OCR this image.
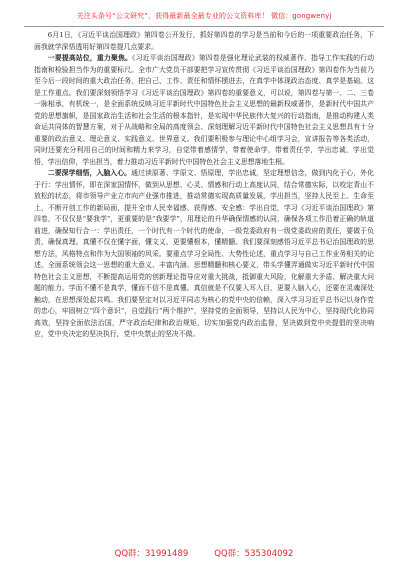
关注头条号“公文研究”，获得最新最全最专业的公文资料库！ 微信：gongwenyj

6月1日，《习近平谈治国理政》第四卷公开发行，抓好第四卷的学习是当前和今后的一项重要政治任务，下面我就学深悟透用好第四卷提几点要求。

一要提高站位，重力聚焦。《习近平谈治国理政》第四卷是强化理论武装的权威著作、指导工作实践的行动指南和检验担当作为的重要标尺。全市广大党员干部要把学习宣传贯彻《习近平谈治国理政》第四卷作为当前乃至今后一段时间的重大政治任务，把自己、工作、责任和情怀摆进去，在真学中体现政治态度、真学是基础。这是工作重点。我们要深刻领悟学习《习近平谈治国理政》第四卷的重要意义，可以说，第四卷与第一、二、三卷一脉相承，有机统一，是全面系统反映习近平新时代中国特色社会主义思想的最新权威著作，是新时代中国共产党的思想旗帜，是国家政治生活和社会生活的根本指针，是实现中华民族伟大复兴的行动指南，是推动构建人类命运共同体的智慧方案，对于从战略和全局的高度领会、深刻理解习近平新时代中国特色社会主义思想具有十分重要的政治意义、理论意义、实践意义、世界意义。我们要积极参与理论中心组学习会，宣讲报告等各类活动，同时还要充分利用自己的时间和精力来学习，自觉带着感情学，带着使命学，带着责任学，学出忠诚，学出觉悟，学出信仰，学出担当，着力推动习近平新时代中国特色社会主义思想落地生根。

二要深学细悟，入脑入心。通过读原著、学原文、悟原理，学出忠诚，坚定理想信念，做到内化于心，外化于行：学出情怀，即在深家国情怀，做到从思想、心灵、情感和行动上高度认同，结合常德实际，以咬定青山不放松的状态，将市领导产业立市向产业强市推进，推动常德实现高质量发展，学出担当，坚持人民至上、生命至上，不断开创工作的新局面，提升全市人民幸福感、获得感、安全感：学出自觉，学习《习近平谈治国理政》第四卷，不仅仅是“要我学”，更重要的是“我要学”，用理论的升华确保情感的认同，确保各项工作沿着正确的轨道前进，确保知行合一：学出责任，一个时代有一个时代的使命，一级党委政府有一级党委政府的责任，要做于负责，确保真理。真懂不仅在懂字面，懂文义，更要懂根本，懂精髓。我们要深刻感悟习近平总书记治国理政的思想方法，风格特点和作为大国领袖的风采。要重点学习全局性、大势性论述，重点学习与自己工作业务相关的论述，全面系统领会这一思想的重大意义、丰富内涵、思想精髓和核心要义，带头学懂弄通做实习近平新时代中国特色社会主义思想，不断提高运用党的创新理论指导应对重大挑战，抵御重大风险，化解重大矛盾、解决重大问题的能力。学而不懂不是真学，懂而不信不是真懂。真信就是不仅要入耳入目，更要入脑入心，还要在灵魂深处触动，在思想深处起共鸣。我们要坚定对以习近平同志为核心的党中央的信赖，深入学习习近平总书记以身作党的忠心，牢固树立“四个意识”，自觉践行“两个维护”，坚持党的全面领导，坚持以人民为中心，坚持现代化协同高效，坚持全面依法治国，严守政治纪律和政治规矩，切实加强党内政治监督，坚决做到党中央提倡的坚决响应，党中央决定的坚决执行，党中央禁止的坚决不做。

QQ群：31991489	QQ群：535304092
